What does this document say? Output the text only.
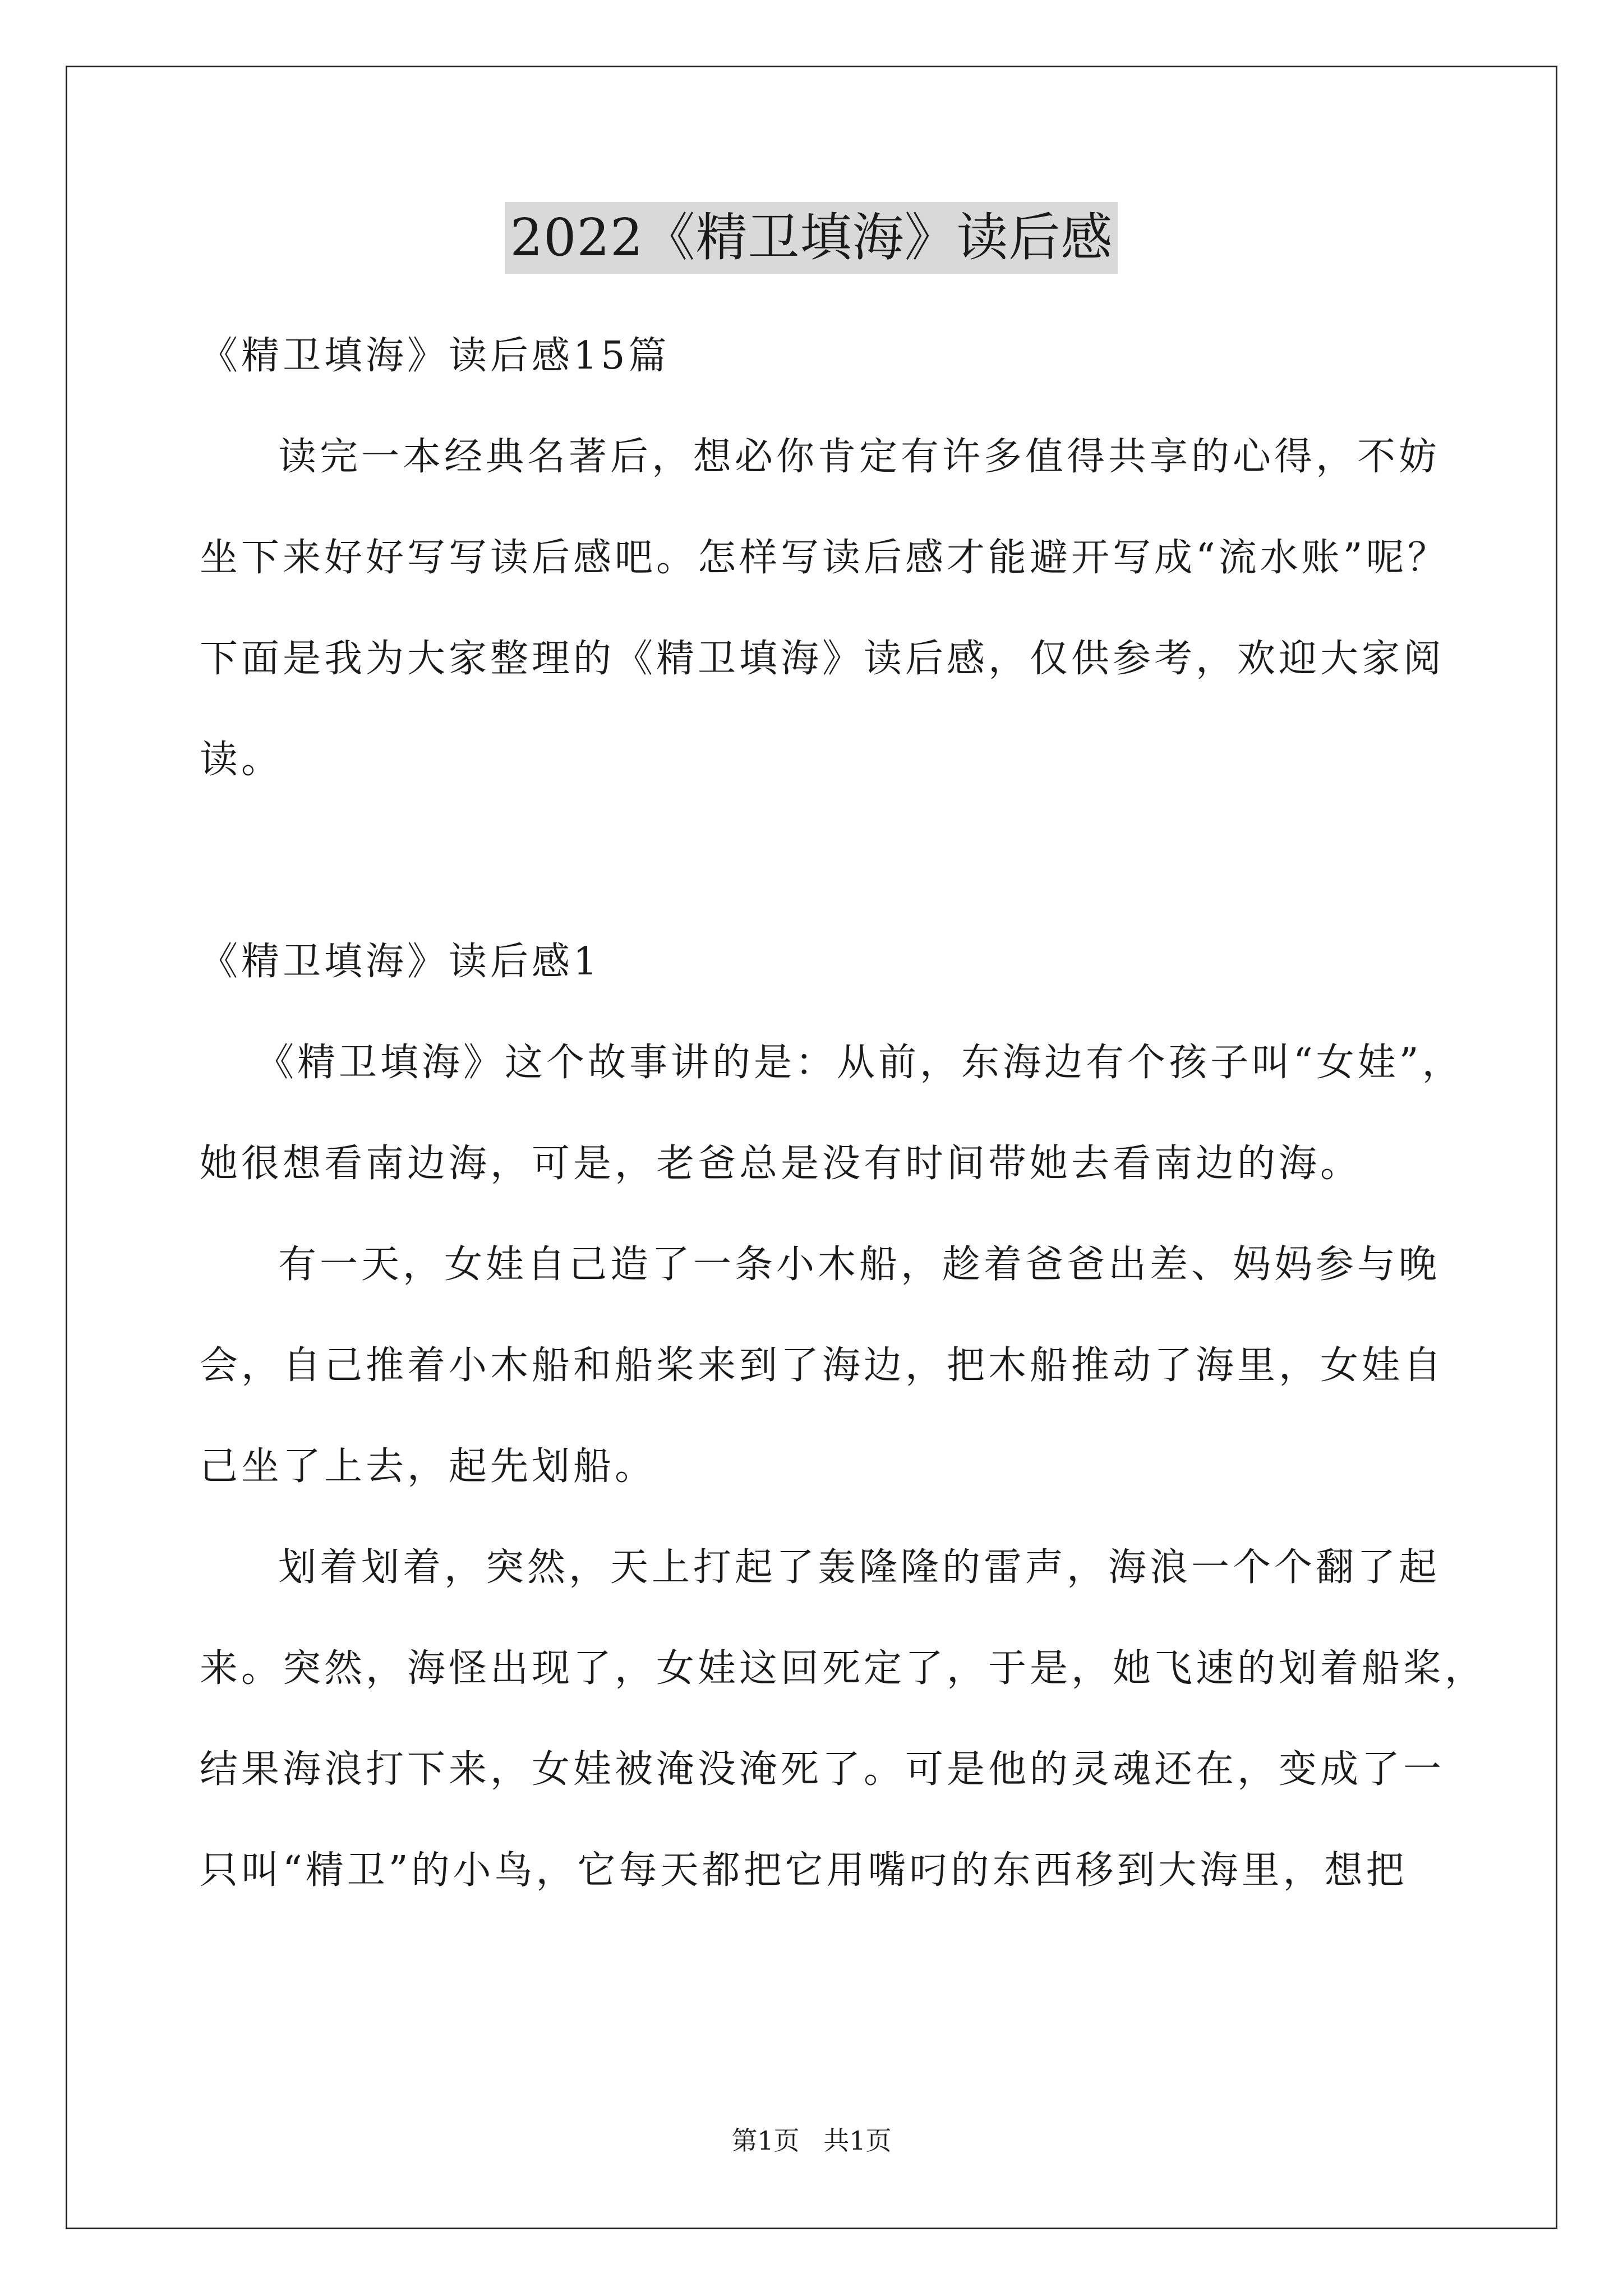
2022《精卫填海》读后感
《精卫填海》读后感15篇
读完一本经典名著后，想必你肯定有许多值得共享的心得，不妨
坐下来好好写写读后感吧。怎样写读后感才能避开写成“流水账”呢？
下面是我为大家整理的《精卫填海》读后感，仅供参考，欢迎大家阅
读。
《精卫填海》读后感1
《精卫填海》这个故事讲的是：从前，东海边有个孩子叫“女娃”，
她很想看南边海，可是，老爸总是没有时间带她去看南边的海。
有一天，女娃自己造了一条小木船，趁着爸爸出差、妈妈参与晚
会，自己推着小木船和船桨来到了海边，把木船推动了海里，女娃自
己坐了上去，起先划船。
划着划着，突然，天上打起了轰隆隆的雷声，海浪一个个翻了起
来。突然，海怪出现了，女娃这回死定了，于是，她飞速的划着船桨，
结果海浪打下来，女娃被淹没淹死了。可是他的灵魂还在，变成了一
只叫“精卫”的小鸟，它每天都把它用嘴叼的东西移到大海里，想把
第1页 共1页
